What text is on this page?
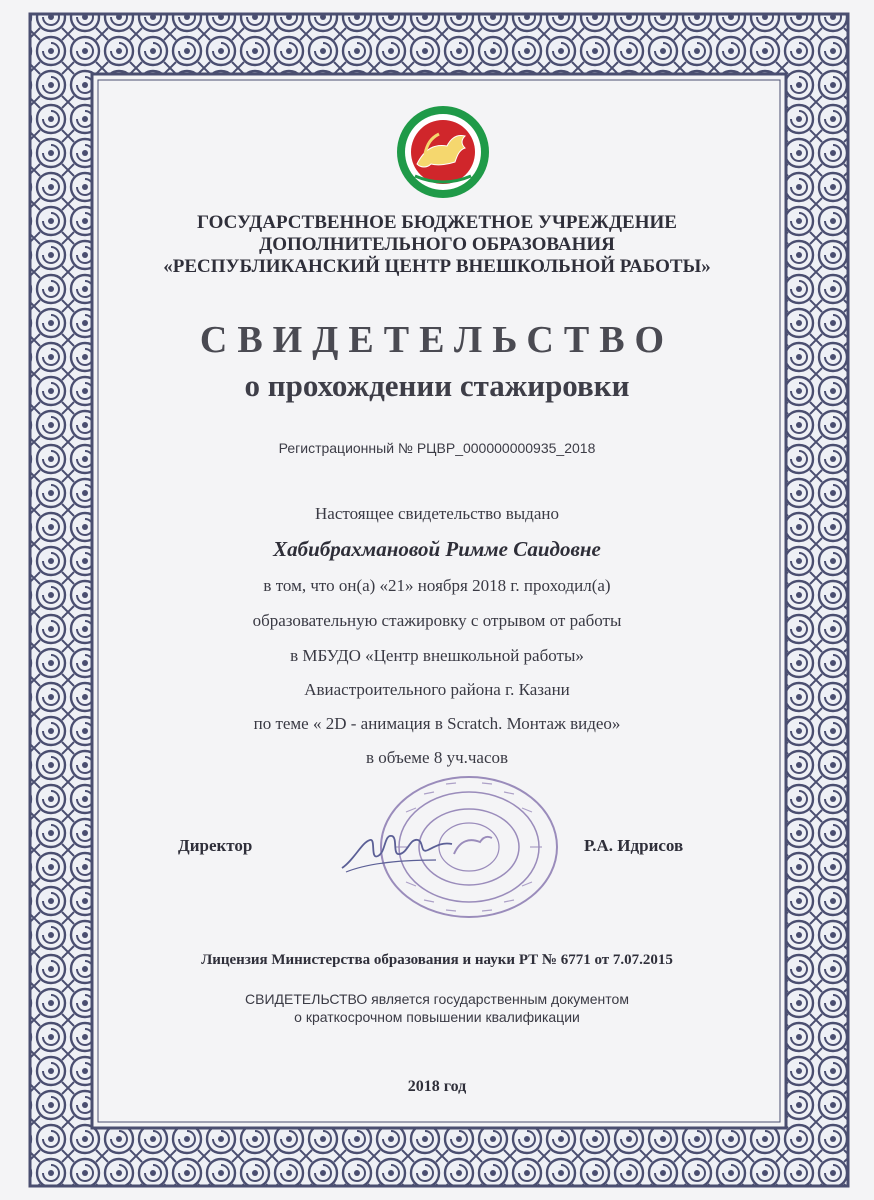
ГОСУДАРСТВЕННОЕ БЮДЖЕТНОЕ УЧРЕЖДЕНИЕ
ДОПОЛНИТЕЛЬНОГО ОБРАЗОВАНИЯ
«РЕСПУБЛИКАНСКИЙ ЦЕНТР ВНЕШКОЛЬНОЙ РАБОТЫ»
СВИДЕТЕЛЬСТВО
о прохождении стажировки
Регистрационный № РЦВР_000000000935_2018
Настоящее свидетельство выдано
Хабибрахмановой Римме Саидовне
в том, что он(а) «21» ноября 2018 г. проходил(а)
образовательную стажировку с отрывом от работы
в МБУДО «Центр внешкольной работы»
Авиастроительного района г. Казани
по теме « 2D - анимация в Scratch. Монтаж видео»
в объеме 8 уч.часов
Директор	Р.А. Идрисов
Лицензия Министерства образования и науки РТ № 6771 от 7.07.2015
СВИДЕТЕЛЬСТВО является государственным документом
о краткосрочном повышении квалификации
2018 год
